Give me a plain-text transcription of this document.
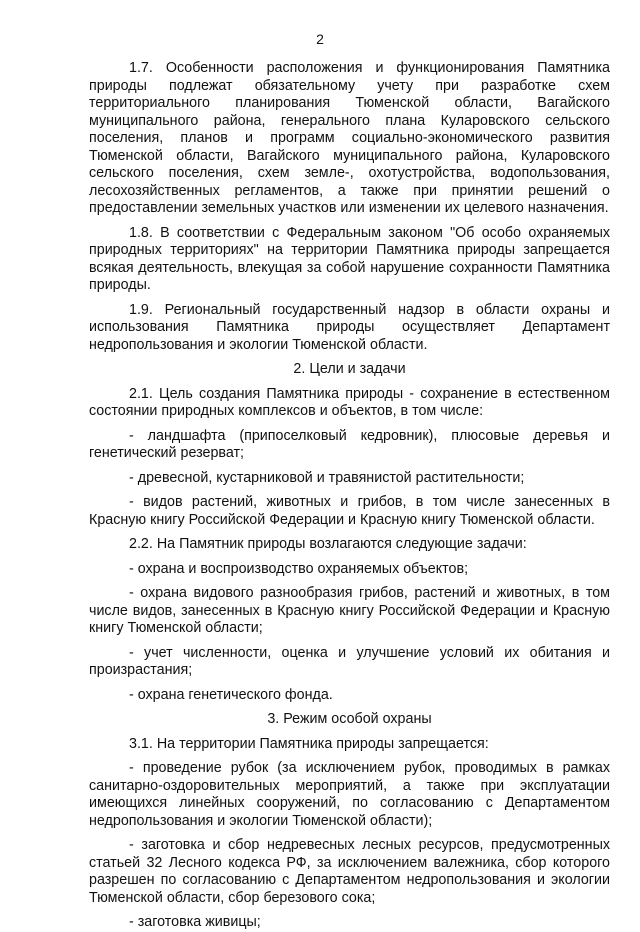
2

1.7. Особенности расположения и функционирования Памятника природы подлежат обязательному учету при разработке схем территориального планирования Тюменской области, Вагайского муниципального района, генерального плана Куларовского сельского поселения, планов и программ социально-экономического развития Тюменской области, Вагайского муниципального района, Куларовского сельского поселения, схем земле-, охотустройства, водопользования, лесохозяйственных регламентов, а также при принятии решений о предоставлении земельных участков или изменении их целевого назначения.

1.8. В соответствии с Федеральным законом "Об особо охраняемых природных территориях" на территории Памятника природы запрещается всякая деятельность, влекущая за собой нарушение сохранности Памятника природы.

1.9. Региональный государственный надзор в области охраны и использования Памятника природы осуществляет Департамент недропользования и экологии Тюменской области.

2. Цели и задачи

2.1. Цель создания Памятника природы - сохранение в естественном состоянии природных комплексов и объектов, в том числе:

- ландшафта (припоселковый кедровник), плюсовые деревья и генетический резерват;

- древесной, кустарниковой и травянистой растительности;

- видов растений, животных и грибов, в том числе занесенных в Красную книгу Российской Федерации и Красную книгу Тюменской области.

2.2. На Памятник природы возлагаются следующие задачи:

- охрана и воспроизводство охраняемых объектов;

- охрана видового разнообразия грибов, растений и животных, в том числе видов, занесенных в Красную книгу Российской Федерации и Красную книгу Тюменской области;

- учет численности, оценка и улучшение условий их обитания и произрастания;

- охрана генетического фонда.

3. Режим особой охраны

3.1. На территории Памятника природы запрещается:

- проведение рубок (за исключением рубок, проводимых в рамках санитарно-оздоровительных мероприятий, а также при эксплуатации имеющихся линейных сооружений, по согласованию с Департаментом недропользования и экологии Тюменской области);

- заготовка и сбор недревесных лесных ресурсов, предусмотренных статьей 32 Лесного кодекса РФ, за исключением валежника, сбор которого разрешен по согласованию с Департаментом недропользования и экологии Тюменской области, сбор березового сока;

- заготовка живицы;
